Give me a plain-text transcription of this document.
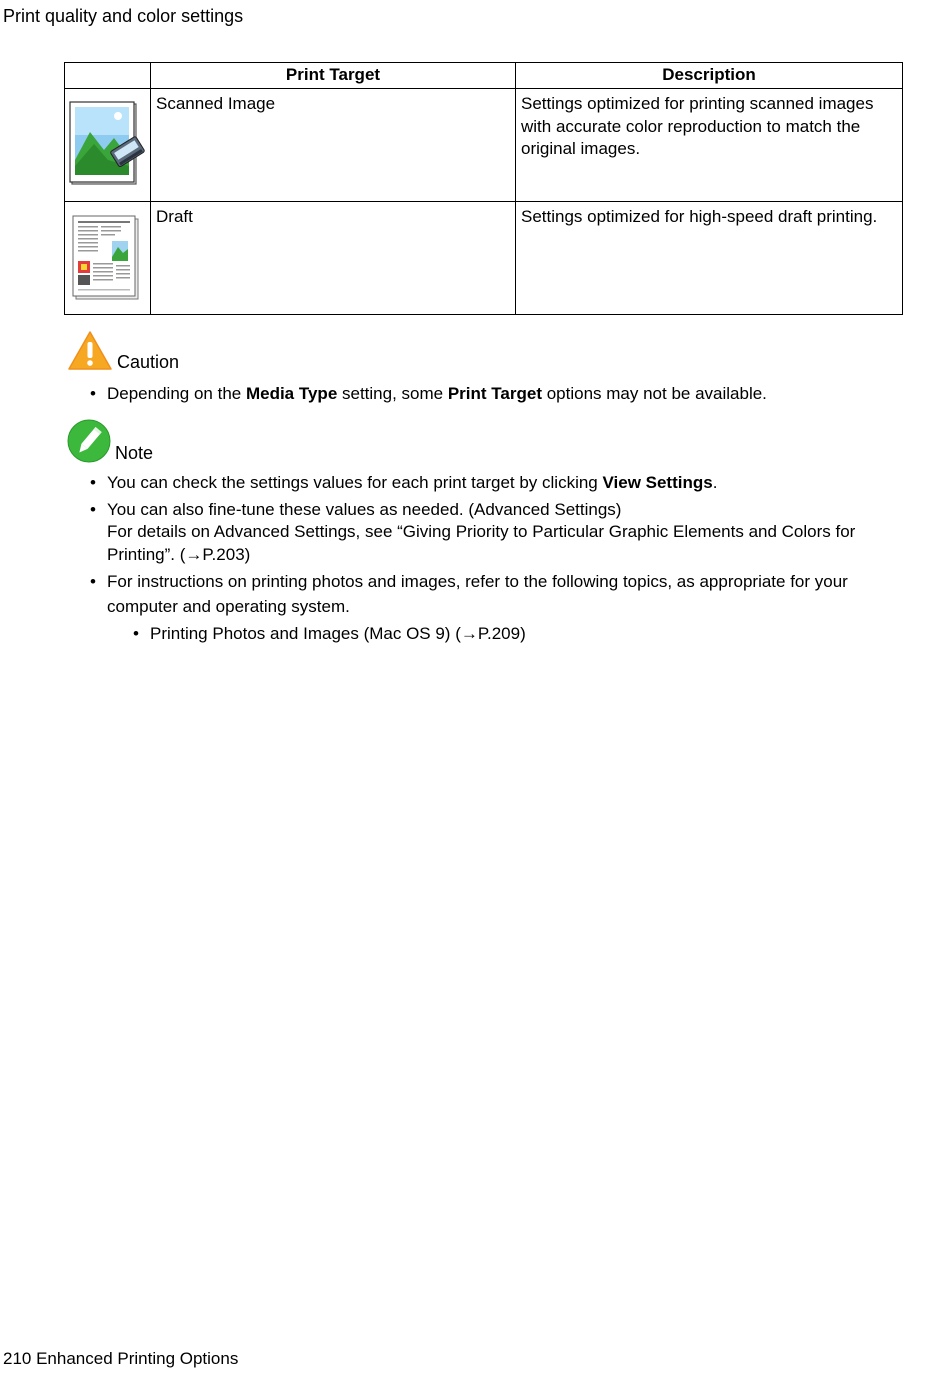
Print quality and color settings
	Print Target	Description

	Scanned Image	Settings optimized for printing scanned images with accurate color reproduction to match the original images.

	Draft	Settings optimized for high-speed draft printing.
Caution
• Depending on the Media Type setting, some Print Target options may not be available.
Note
• You can check the settings values for each print target by clicking View Settings.
• You can also fine-tune these values as needed. (Advanced Settings)
For details on Advanced Settings, see “Giving Priority to Particular Graphic Elements and Colors for Printing”. (→P.203)
• For instructions on printing photos and images, refer to the following topics, as appropriate for your computer and operating system.
• Printing Photos and Images (Mac OS 9) (→P.209)
210 Enhanced Printing Options
